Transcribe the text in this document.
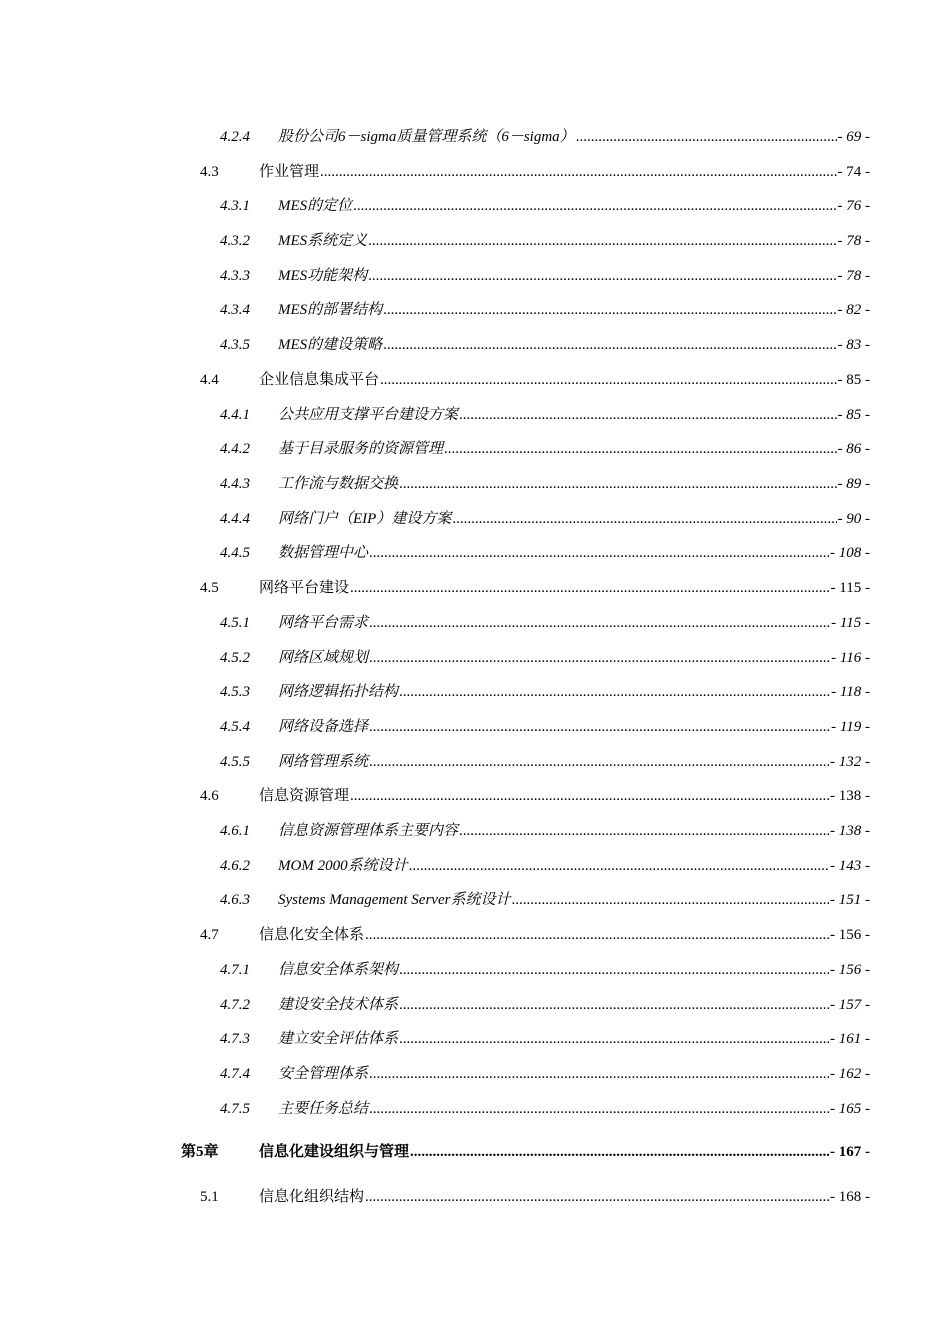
4.2.4	股份公司6－sigma质量管理系统（6－sigma） .....	- 69 -
4.3	作业管理 .....	- 74 -
4.3.1	MES的定位 .....	- 76 -
4.3.2	MES系统定义 .....	- 78 -
4.3.3	MES功能架构 .....	- 78 -
4.3.4	MES的部署结构 .....	- 82 -
4.3.5	MES的建设策略 .....	- 83 -
4.4	企业信息集成平台 .....	- 85 -
4.4.1	公共应用支撑平台建设方案 .....	- 85 -
4.4.2	基于目录服务的资源管理 .....	- 86 -
4.4.3	工作流与数据交换 .....	- 89 -
4.4.4	网络门户（EIP）建设方案 .....	- 90 -
4.4.5	数据管理中心 .....	- 108 -
4.5	网络平台建设 .....	- 115 -
4.5.1	网络平台需求 .....	- 115 -
4.5.2	网络区域规划 .....	- 116 -
4.5.3	网络逻辑拓扑结构 .....	- 118 -
4.5.4	网络设备选择 .....	- 119 -
4.5.5	网络管理系统 .....	- 132 -
4.6	信息资源管理 .....	- 138 -
4.6.1	信息资源管理体系主要内容 .....	- 138 -
4.6.2	MOM 2000系统设计 .....	- 143 -
4.6.3	Systems Management Server系统设计 .....	- 151 -
4.7	信息化安全体系 .....	- 156 -
4.7.1	信息安全体系架构 .....	- 156 -
4.7.2	建设安全技术体系 .....	- 157 -
4.7.3	建立安全评估体系 .....	- 161 -
4.7.4	安全管理体系 .....	- 162 -
4.7.5	主要任务总结 .....	- 165 -
第5章	信息化建设组织与管理 .....	- 167 -
5.1	信息化组织结构 .....	- 168 -
